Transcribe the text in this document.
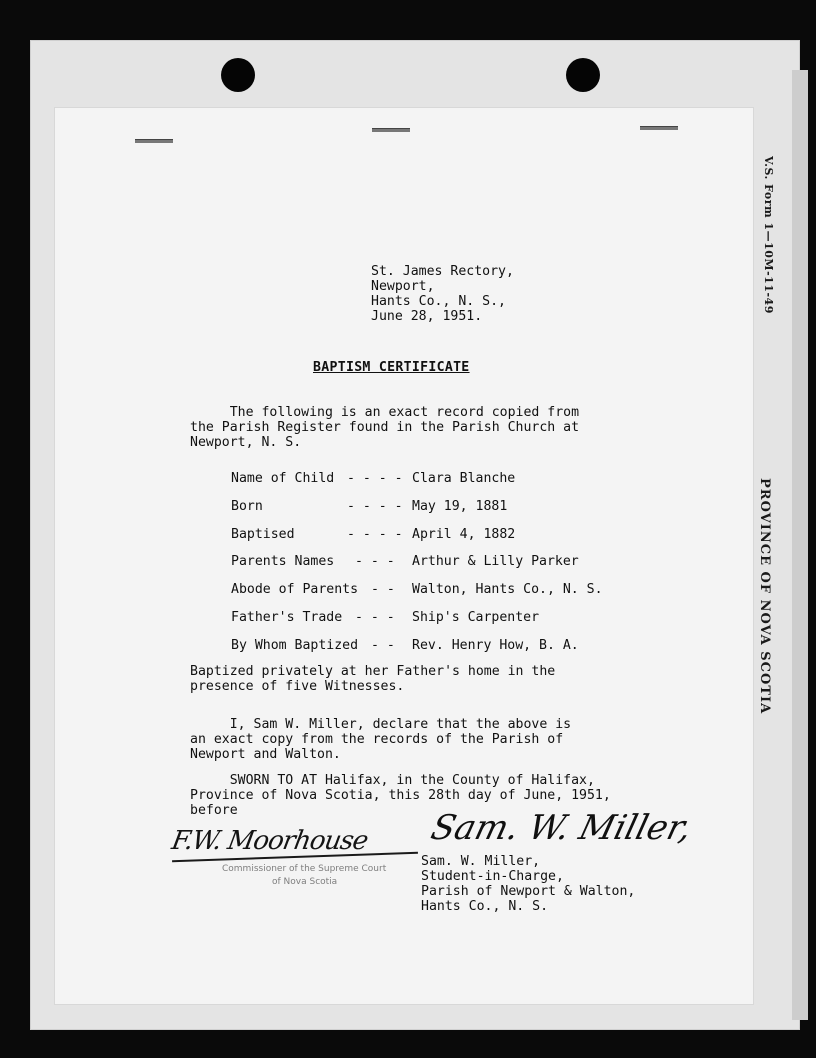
V.S. Form 1—10M-11-49
PROVINCE OF NOVA SCOTIA
St. James Rectory,
Newport,
Hants Co., N. S.,
June 28, 1951.
BAPTISM CERTIFICATE
The following is an exact record copied from
the Parish Register found in the Parish Church at
Newport, N. S.
Name of Child - - - - Clara Blanche
Born	- - - - May 19, 1881
Baptised	- - - - April 4, 1882
Parents Names - - - Arthur & Lilly Parker
Abode of Parents - - Walton, Hants Co., N. S.
Father's Trade - - - Ship's Carpenter
By Whom Baptized - - Rev. Henry How, B. A.
Baptized privately at her Father's home in the
presence of five Witnesses.
I, Sam W. Miller, declare that the above is
an exact copy from the records of the Parish of
Newport and Walton.
SWORN TO AT Halifax, in the County of Halifax,
Province of Nova Scotia, this 28th day of June, 1951,
before
F.W. Moorhouse
Commissioner of the Supreme Court
of Nova Scotia
Sam. W. Miller,
Sam. W. Miller,
Student-in-Charge,
Parish of Newport & Walton,
Hants Co., N. S.
